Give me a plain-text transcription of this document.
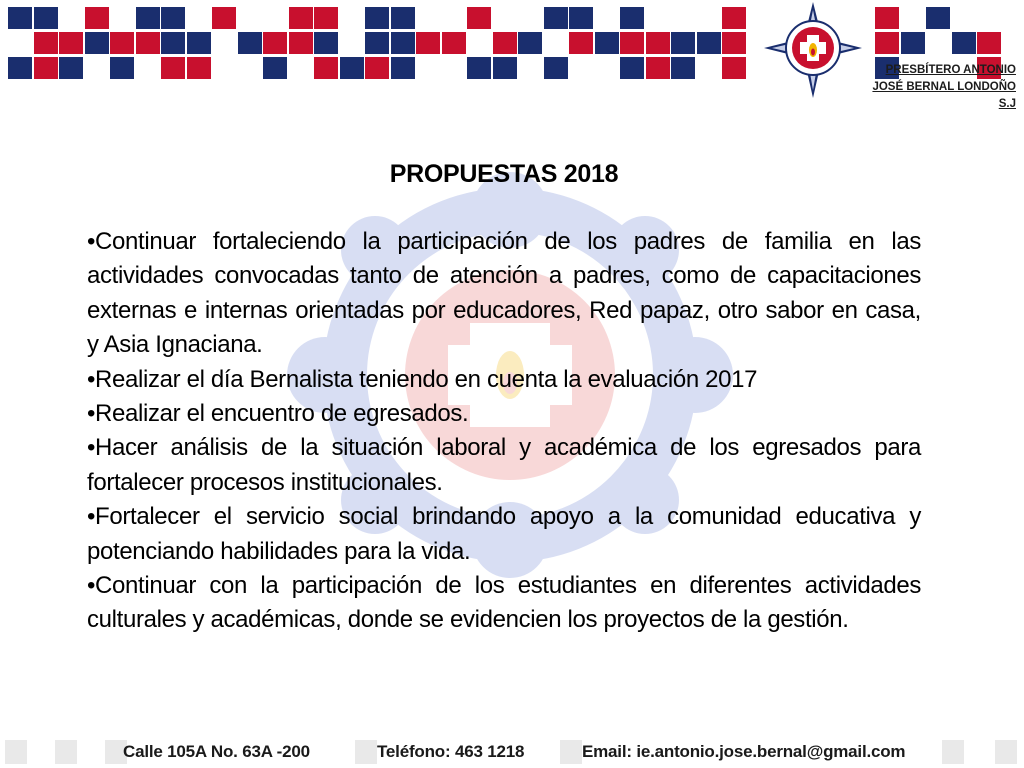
PRESBÍTERO ANTONIO
JOSÉ BERNAL LONDOÑO
S.J
PROPUESTAS 2018

•Continuar fortaleciendo la participación de los padres de familia en las actividades convocadas tanto de atención a padres, como de capacitaciones externas e internas orientadas por educadores, Red papaz, otro sabor en casa, y Asia Ignaciana.

•Realizar el día Bernalista teniendo en cuenta la evaluación 2017

•Realizar el encuentro de egresados.

•Hacer análisis de la situación laboral y académica de los egresados para fortalecer procesos institucionales.

•Fortalecer el servicio social brindando apoyo a la comunidad educativa y potenciando habilidades para la vida.

•Continuar con la participación de los estudiantes en diferentes actividades culturales y académicas, donde se evidencien los proyectos de la gestión.

Calle 105A No. 63A -200	Teléfono: 463 1218	Email: ie.antonio.jose.bernal@gmail.com
